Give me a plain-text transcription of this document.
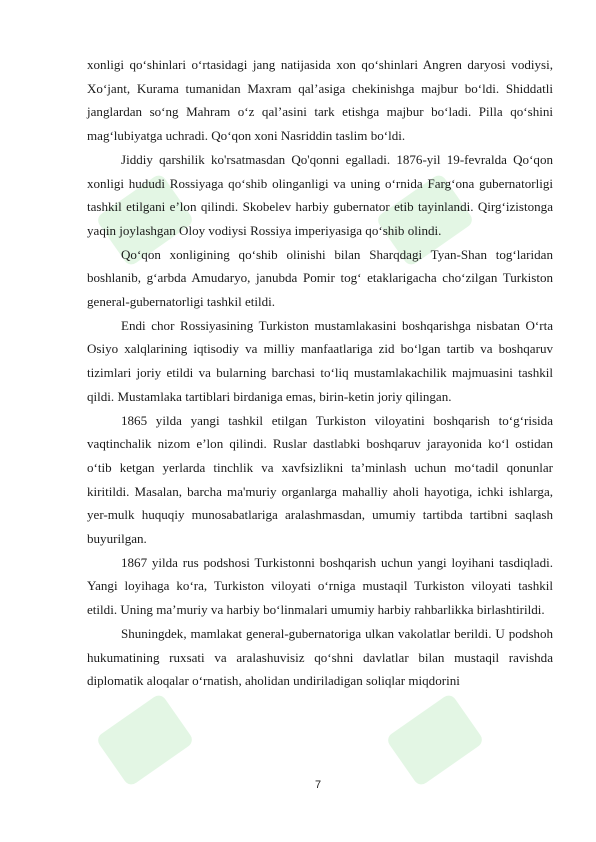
xonligi qo‘shinlari o‘rtasidagi jang natijasida xon qo‘shinlari Angren daryosi vodiysi, Xo‘jant, Kurama tumanidan Maxram qal’asiga chekinishga majbur bo‘ldi. Shiddatli janglardan so‘ng Mahram o‘z qal’asini tark etishga majbur bo‘ladi. Pilla qo‘shini mag‘lubiyatga uchradi. Qo‘qon xoni Nasriddin taslim bo‘ldi.

Jiddiy qarshilik ko'rsatmasdan Qo'qonni egalladi. 1876-yil 19-fevralda Qo‘qon xonligi hududi Rossiyaga qo‘shib olinganligi va uning o‘rnida Farg‘ona gubernatorligi tashkil etilgani e’lon qilindi. Skobelev harbiy gubernator etib tayinlandi. Qirg‘izistonga yaqin joylashgan Oloy vodiysi Rossiya imperiyasiga qo‘shib olindi.

Qo‘qon xonligining qo‘shib olinishi bilan Sharqdagi Tyan-Shan tog‘laridan boshlanib, g‘arbda Amudaryo, janubda Pomir tog‘ etaklarigacha cho‘zilgan Turkiston general-gubernatorligi tashkil etildi.

Endi chor Rossiyasining Turkiston mustamlakasini boshqarishga nisbatan O‘rta Osiyo xalqlarining iqtisodiy va milliy manfaatlariga zid bo‘lgan tartib va boshqaruv tizimlari joriy etildi va bularning barchasi to‘liq mustamlakachilik majmuasini tashkil qildi. Mustamlaka tartiblari birdaniga emas, birin-ketin joriy qilingan.

1865 yilda yangi tashkil etilgan Turkiston viloyatini boshqarish to‘g‘risida vaqtinchalik nizom e’lon qilindi. Ruslar dastlabki boshqaruv jarayonida ko‘l ostidan o‘tib ketgan yerlarda tinchlik va xavfsizlikni ta’minlash uchun mo‘tadil qonunlar kiritildi. Masalan, barcha ma'muriy organlarga mahalliy aholi hayotiga, ichki ishlarga, yer-mulk huquqiy munosabatlariga aralashmasdan, umumiy tartibda tartibni saqlash buyurilgan.

1867 yilda rus podshosi Turkistonni boshqarish uchun yangi loyihani tasdiqladi. Yangi loyihaga ko‘ra, Turkiston viloyati o‘rniga mustaqil Turkiston viloyati tashkil etildi. Uning ma’muriy va harbiy bo‘linmalari umumiy harbiy rahbarlikka birlashtirildi.

Shuningdek, mamlakat general-gubernatoriga ulkan vakolatlar berildi. U podshoh hukumatining ruxsati va aralashuvisiz qo‘shni davlatlar bilan mustaqil ravishda diplomatik aloqalar o‘rnatish, aholidan undiriladigan soliqlar miqdorini

7
